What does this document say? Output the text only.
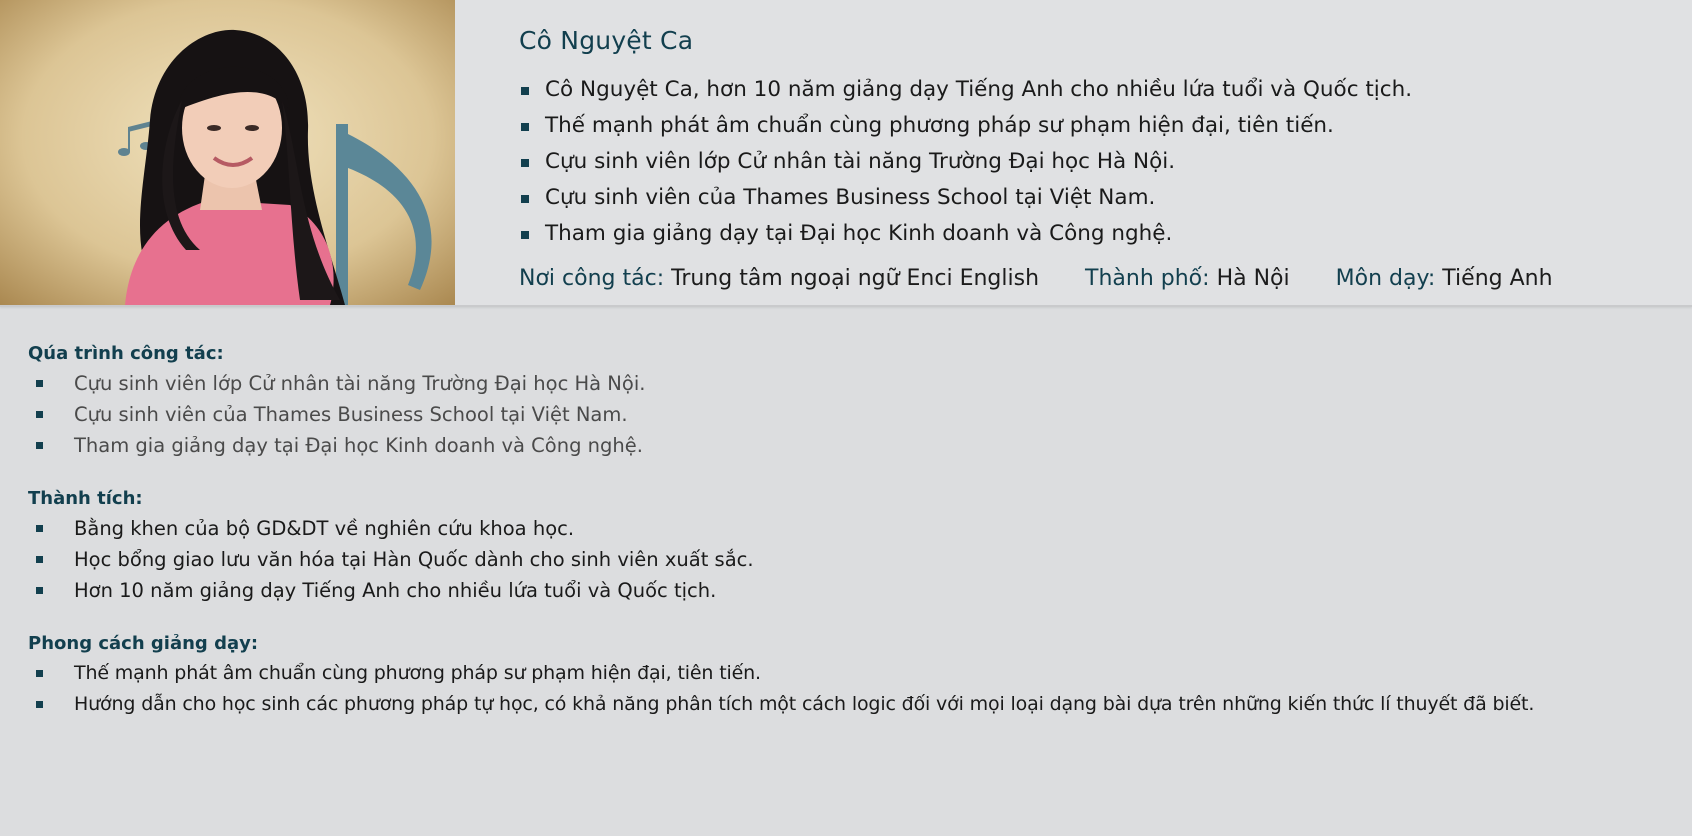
Cô Nguyệt Ca
Cô Nguyệt Ca, hơn 10 năm giảng dạy Tiếng Anh cho nhiều lứa tuổi và Quốc tịch.
Thế mạnh phát âm chuẩn cùng phương pháp sư phạm hiện đại, tiên tiến.
Cựu sinh viên lớp Cử nhân tài năng Trường Đại học Hà Nội.
Cựu sinh viên của Thames Business School tại Việt Nam.
Tham gia giảng dạy tại Đại học Kinh doanh và Công nghệ.
Nơi công tác: Trung tâm ngoại ngữ Enci English Thành phố: Hà Nội Môn dạy: Tiếng Anh
Qúa trình công tác:
Cựu sinh viên lớp Cử nhân tài năng Trường Đại học Hà Nội.
Cựu sinh viên của Thames Business School tại Việt Nam.
Tham gia giảng dạy tại Đại học Kinh doanh và Công nghệ.
Thành tích:
Bằng khen của bộ GD&DT về nghiên cứu khoa học.
Học bổng giao lưu văn hóa tại Hàn Quốc dành cho sinh viên xuất sắc.
Hơn 10 năm giảng dạy Tiếng Anh cho nhiều lứa tuổi và Quốc tịch.
Phong cách giảng dạy:
Thế mạnh phát âm chuẩn cùng phương pháp sư phạm hiện đại, tiên tiến.
Hướng dẫn cho học sinh các phương pháp tự học, có khả năng phân tích một cách logic đối với mọi loại dạng bài dựa trên những kiến thức lí thuyết đã biết.
